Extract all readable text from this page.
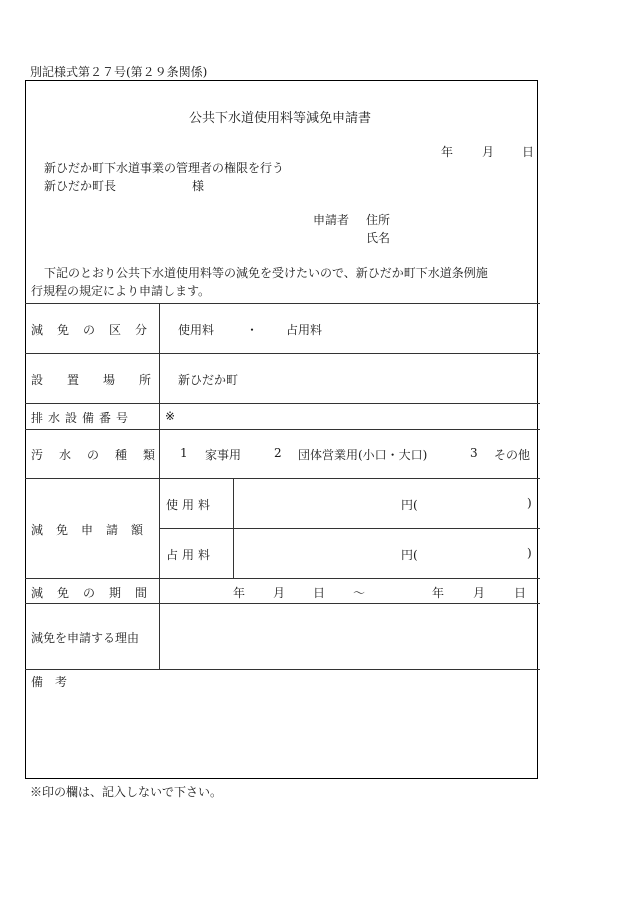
別記様式第２７号(第２９条関係)
公共下水道使用料等減免申請書
年 月 日
新ひだか町下水道事業の管理者の権限を行う
新ひだか町長	様
申請者 住所
氏名
下記のとおり公共下水道使用料等の減免を受けたいので、新ひだか町下水道条例施
行規程の規定により申請します。
減免の区分 使用料	・ 占用料
設置場所 新ひだか町
排水設備番号	※
汚水の種類 1 家事用	2 団体営業用(小口・大口)	3 その他
減免申請額
使用料	円(	)
占用料	円(	)
減免の期間	年 月 日 〜	年 月 日
減免を申請する理由
備　考
※印の欄は、記入しないで下さい。
